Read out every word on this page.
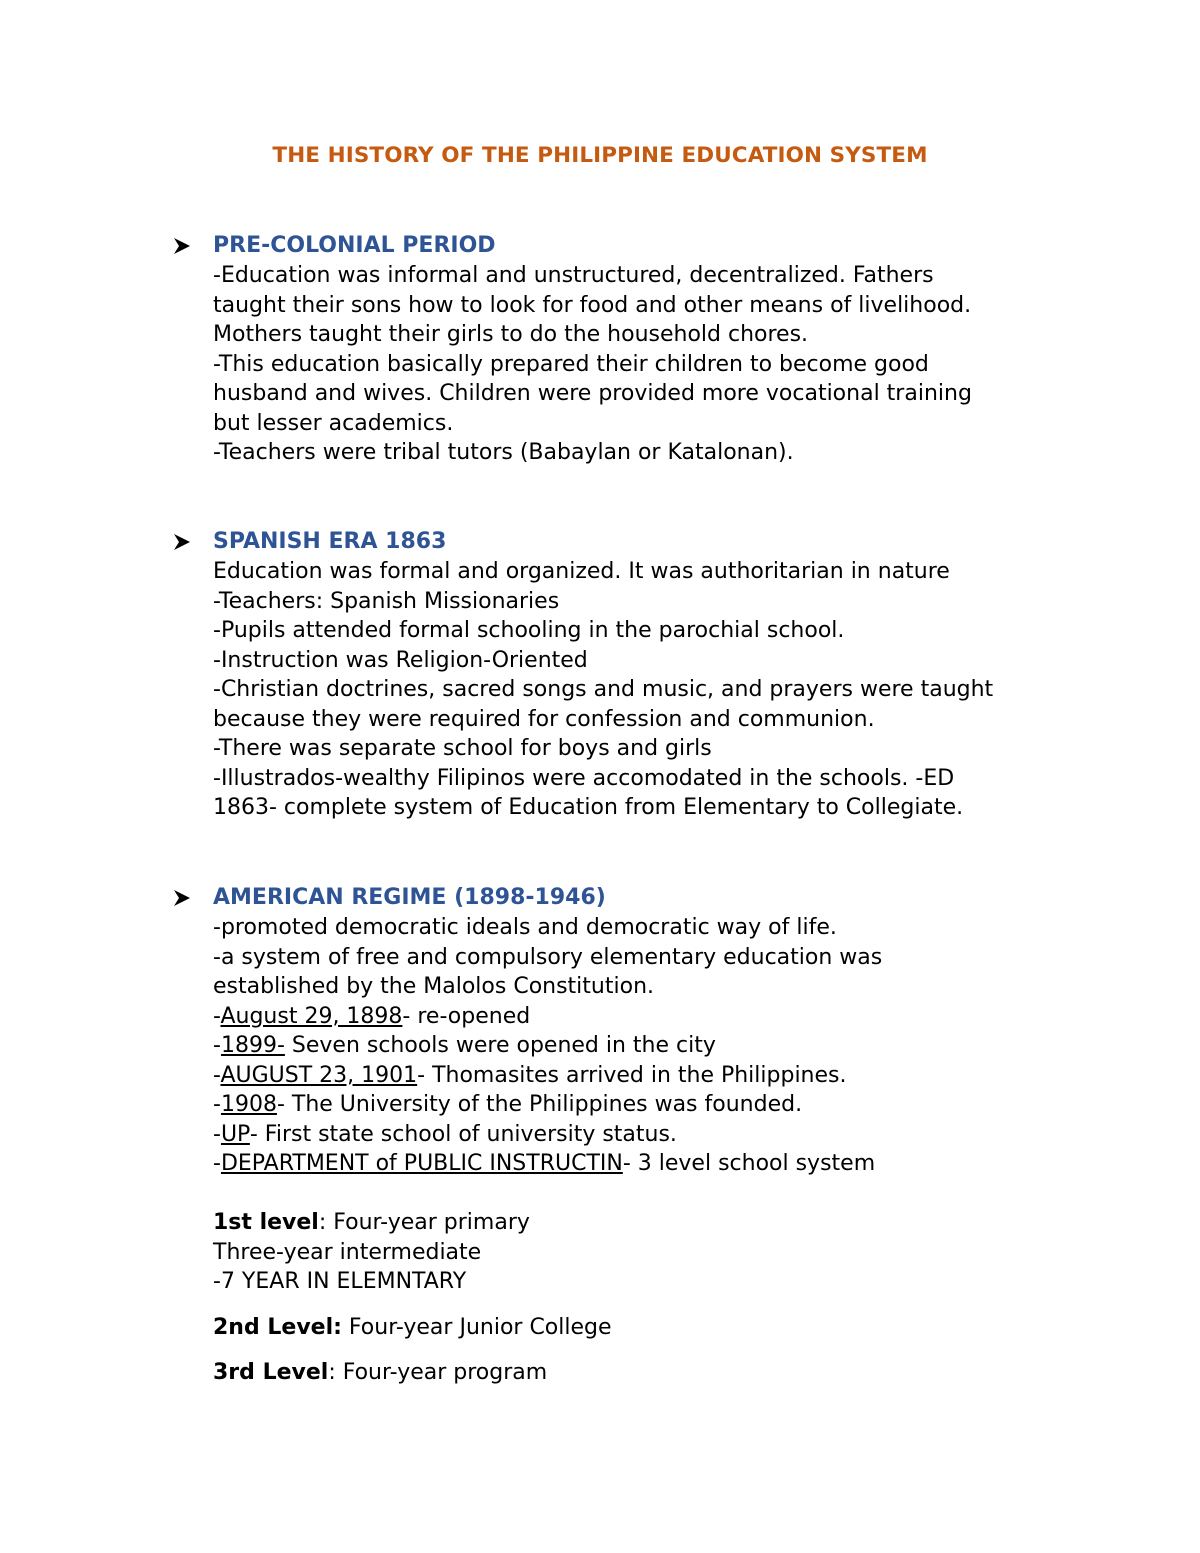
THE HISTORY OF THE PHILIPPINE EDUCATION SYSTEM
PRE-COLONIAL PERIOD
-Education was informal and unstructured, decentralized. Fathers
taught their sons how to look for food and other means of livelihood.
Mothers taught their girls to do the household chores.
-This education basically prepared their children to become good
husband and wives. Children were provided more vocational training
but lesser academics.
-Teachers were tribal tutors (Babaylan or Katalonan).
SPANISH ERA 1863
Education was formal and organized. It was authoritarian in nature
-Teachers: Spanish Missionaries
-Pupils attended formal schooling in the parochial school.
-Instruction was Religion-Oriented
-Christian doctrines, sacred songs and music, and prayers were taught
because they were required for confession and communion.
-There was separate school for boys and girls
-Illustrados-wealthy Filipinos were accomodated in the schools. -ED
1863- complete system of Education from Elementary to Collegiate.
AMERICAN REGIME (1898-1946)
-promoted democratic ideals and democratic way of life.
-a system of free and compulsory elementary education was
established by the Malolos Constitution.
-August 29, 1898- re-opened
-1899- Seven schools were opened in the city
-AUGUST 23, 1901- Thomasites arrived in the Philippines.
-1908- The University of the Philippines was founded.
-UP- First state school of university status.
-DEPARTMENT of PUBLIC INSTRUCTIN- 3 level school system
1st level: Four-year primary
Three-year intermediate
-7 YEAR IN ELEMNTARY
2nd Level: Four-year Junior College
3rd Level: Four-year program
